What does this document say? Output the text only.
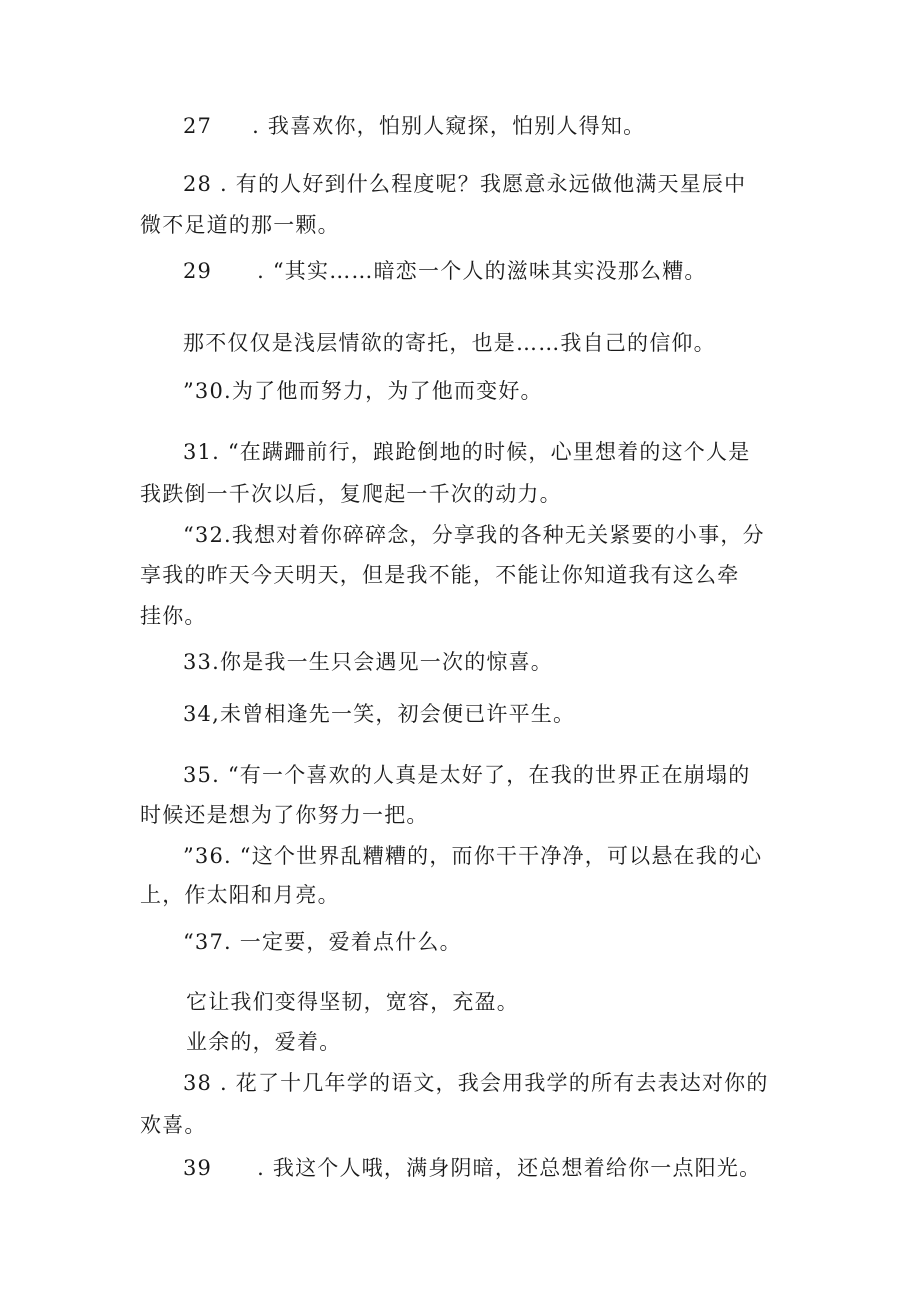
27 . 我喜欢你，怕别人窥探，怕别人得知。
28 . 有的人好到什么程度呢？我愿意永远做他满天星辰中
微不足道的那一颗。
29 . “其实……暗恋一个人的滋味其实没那么糟。
那不仅仅是浅层情欲的寄托，也是……我自己的信仰。
”30.为了他而努力，为了他而变好。
31. “在蹒跚前行，踉跄倒地的时候，心里想着的这个人是
我跌倒一千次以后，复爬起一千次的动力。
“32.我想对着你碎碎念，分享我的各种无关紧要的小事，分
享我的昨天今天明天，但是我不能，不能让你知道我有这么牵
挂你。
33.你是我一生只会遇见一次的惊喜。
34,未曾相逢先一笑，初会便已许平生。
35. “有一个喜欢的人真是太好了，在我的世界正在崩塌的
时候还是想为了你努力一把。
”36. “这个世界乱糟糟的，而你干干净净，可以悬在我的心
上，作太阳和月亮。
“37. 一定要，爱着点什么。
它让我们变得坚韧，宽容，充盈。
业余的，爱着。
38 . 花了十几年学的语文，我会用我学的所有去表达对你的
欢喜。
39 . 我这个人哦，满身阴暗，还总想着给你一点阳光。
